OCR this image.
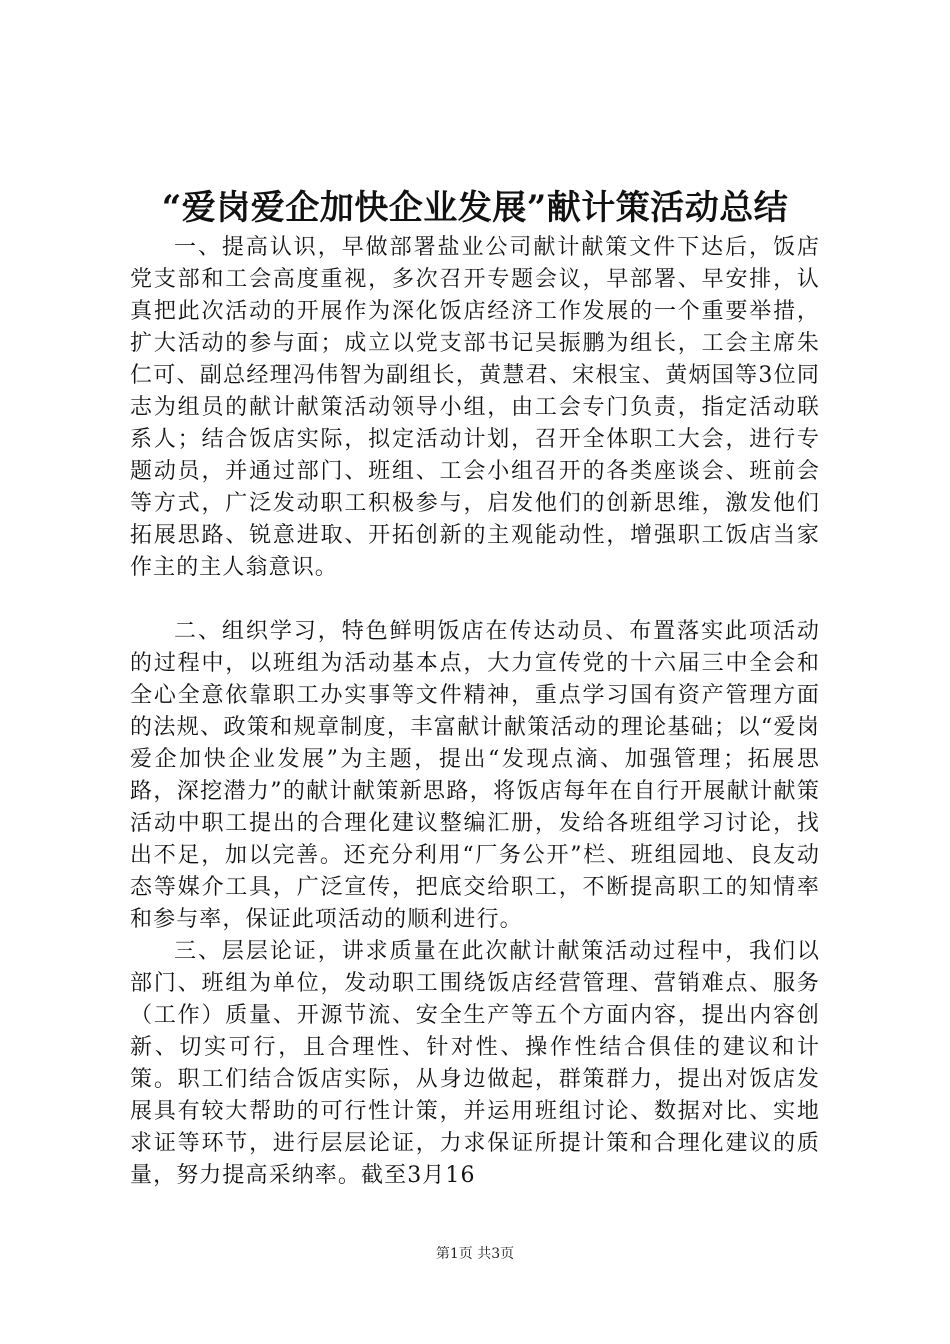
“爱岗爱企加快企业发展”献计策活动总结

一、提高认识，早做部署盐业公司献计献策文件下达后，饭店党支部和工会高度重视，多次召开专题会议，早部署、早安排，认真把此次活动的开展作为深化饭店经济工作发展的一个重要举措，扩大活动的参与面；成立以党支部书记吴振鹏为组长，工会主席朱仁可、副总经理冯伟智为副组长，黄慧君、宋根宝、黄炳国等3位同志为组员的献计献策活动领导小组，由工会专门负责，指定活动联系人；结合饭店实际，拟定活动计划，召开全体职工大会，进行专题动员，并通过部门、班组、工会小组召开的各类座谈会、班前会等方式，广泛发动职工积极参与，启发他们的创新思维，激发他们拓展思路、锐意进取、开拓创新的主观能动性，增强职工饭店当家作主的主人翁意识。

二、组织学习，特色鲜明饭店在传达动员、布置落实此项活动的过程中，以班组为活动基本点，大力宣传党的十六届三中全会和全心全意依靠职工办实事等文件精神，重点学习国有资产管理方面的法规、政策和规章制度，丰富献计献策活动的理论基础；以“爱岗爱企加快企业发展”为主题，提出“发现点滴、加强管理；拓展思路，深挖潜力”的献计献策新思路，将饭店每年在自行开展献计献策活动中职工提出的合理化建议整编汇册，发给各班组学习讨论，找出不足，加以完善。还充分利用“厂务公开”栏、班组园地、良友动态等媒介工具，广泛宣传，把底交给职工，不断提高职工的知情率和参与率，保证此项活动的顺利进行。

三、层层论证，讲求质量在此次献计献策活动过程中，我们以部门、班组为单位，发动职工围绕饭店经营管理、营销难点、服务（工作）质量、开源节流、安全生产等五个方面内容，提出内容创新、切实可行，且合理性、针对性、操作性结合俱佳的建议和计策。职工们结合饭店实际，从身边做起，群策群力，提出对饭店发展具有较大帮助的可行性计策，并运用班组讨论、数据对比、实地求证等环节，进行层层论证，力求保证所提计策和合理化建议的质量，努力提高采纳率。截至3月16

第1页 共3页
